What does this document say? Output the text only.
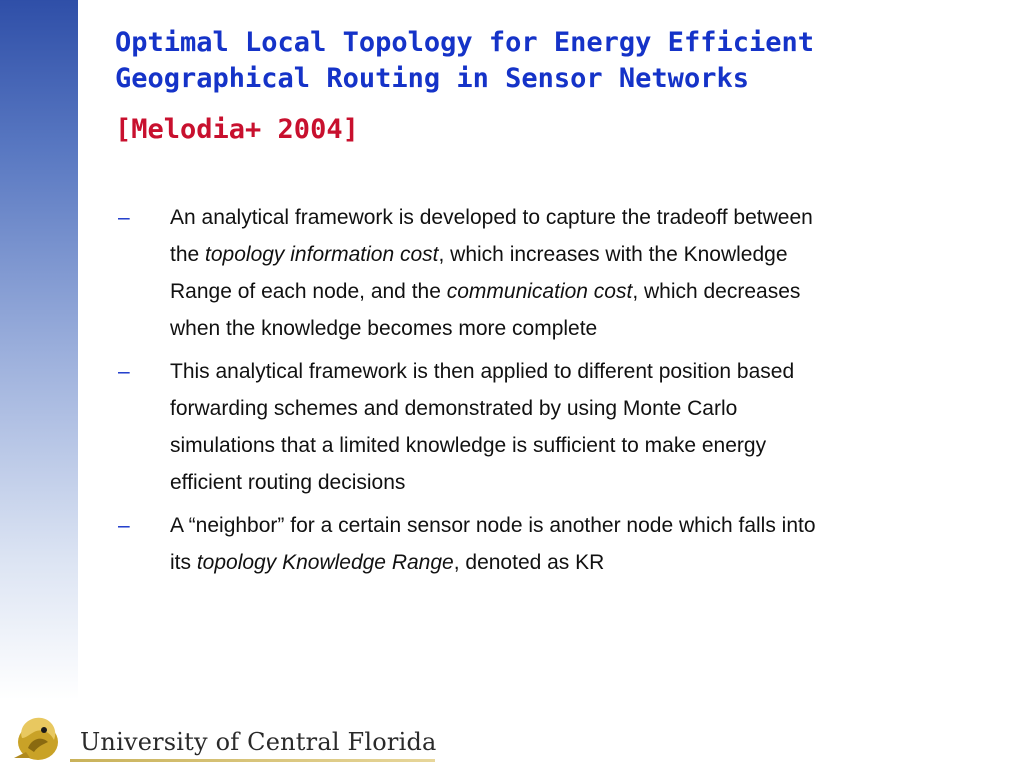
Optimal Local Topology for Energy Efficient
Geographical Routing in Sensor Networks

[Melodia+ 2004]

– An analytical framework is developed to capture the tradeoff between
the topology information cost, which increases with the Knowledge
Range of each node, and the communication cost, which decreases
when the knowledge becomes more complete
– This analytical framework is then applied to different position based
forwarding schemes and demonstrated by using Monte Carlo
simulations that a limited knowledge is sufficient to make energy
efficient routing decisions
– A “neighbor” for a certain sensor node is another node which falls into
its topology Knowledge Range, denoted as KR
University of Central Florida
